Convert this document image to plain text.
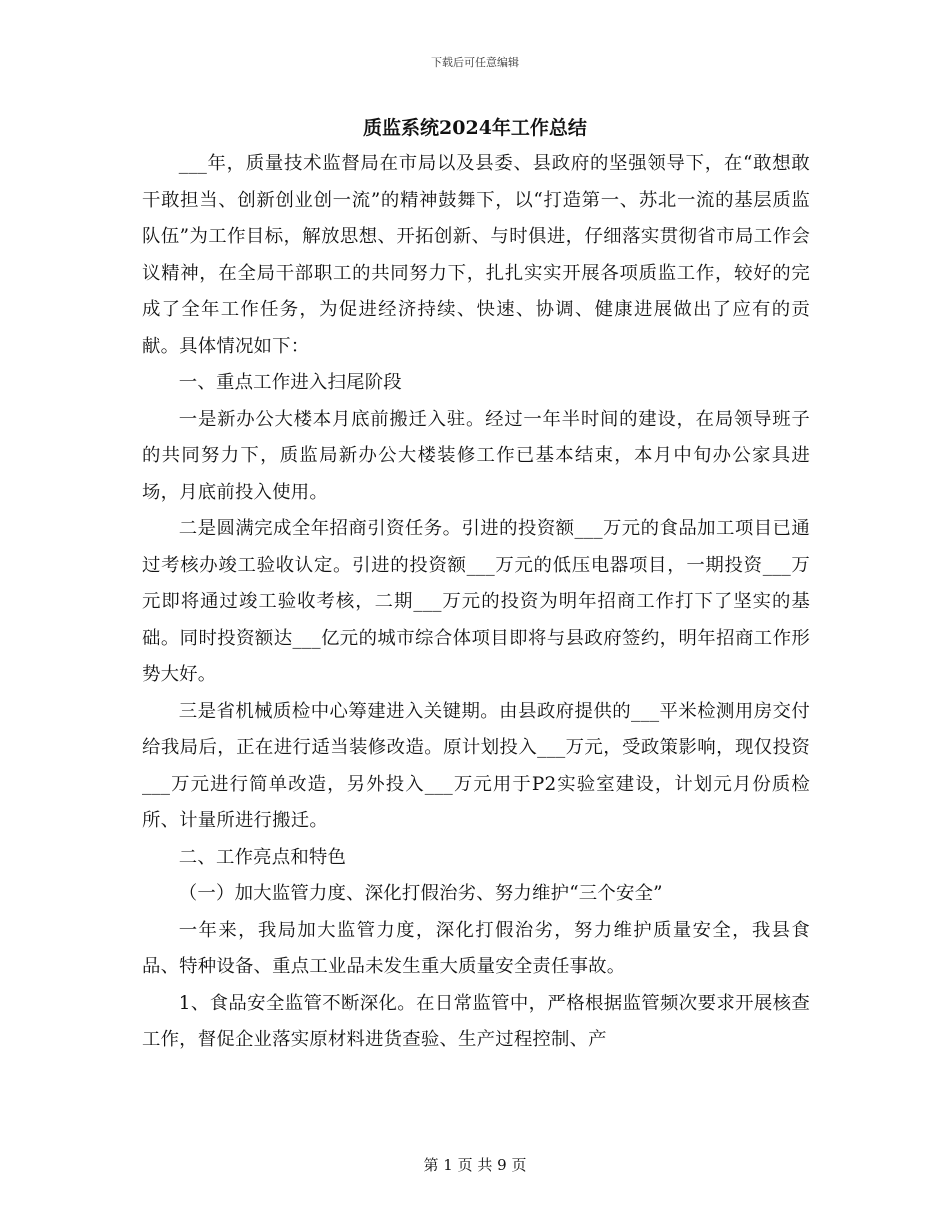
下载后可任意编辑
质监系统2024年工作总结

___年，质量技术监督局在市局以及县委、县政府的坚强领导下，在“敢想敢干敢担当、创新创业创一流”的精神鼓舞下，以“打造第一、苏北一流的基层质监队伍”为工作目标，解放思想、开拓创新、与时俱进，仔细落实贯彻省市局工作会议精神，在全局干部职工的共同努力下，扎扎实实开展各项质监工作，较好的完成了全年工作任务，为促进经济持续、快速、协调、健康进展做出了应有的贡献。具体情况如下：

一、重点工作进入扫尾阶段

一是新办公大楼本月底前搬迁入驻。经过一年半时间的建设，在局领导班子的共同努力下，质监局新办公大楼装修工作已基本结束，本月中旬办公家具进场，月底前投入使用。

二是圆满完成全年招商引资任务。引进的投资额___万元的食品加工项目已通过考核办竣工验收认定。引进的投资额___万元的低压电器项目，一期投资___万元即将通过竣工验收考核，二期___万元的投资为明年招商工作打下了坚实的基础。同时投资额达___亿元的城市综合体项目即将与县政府签约，明年招商工作形势大好。

三是省机械质检中心筹建进入关键期。由县政府提供的___平米检测用房交付给我局后，正在进行适当装修改造。原计划投入___万元，受政策影响，现仅投资___万元进行简单改造，另外投入___万元用于P2实验室建设，计划元月份质检所、计量所进行搬迁。

二、工作亮点和特色

（一）加大监管力度、深化打假治劣、努力维护“三个安全”

一年来，我局加大监管力度，深化打假治劣，努力维护质量安全，我县食品、特种设备、重点工业品未发生重大质量安全责任事故。

1、食品安全监管不断深化。在日常监管中，严格根据监管频次要求开展核查工作，督促企业落实原材料进货查验、生产过程控制、产

第 1 页 共 9 页
